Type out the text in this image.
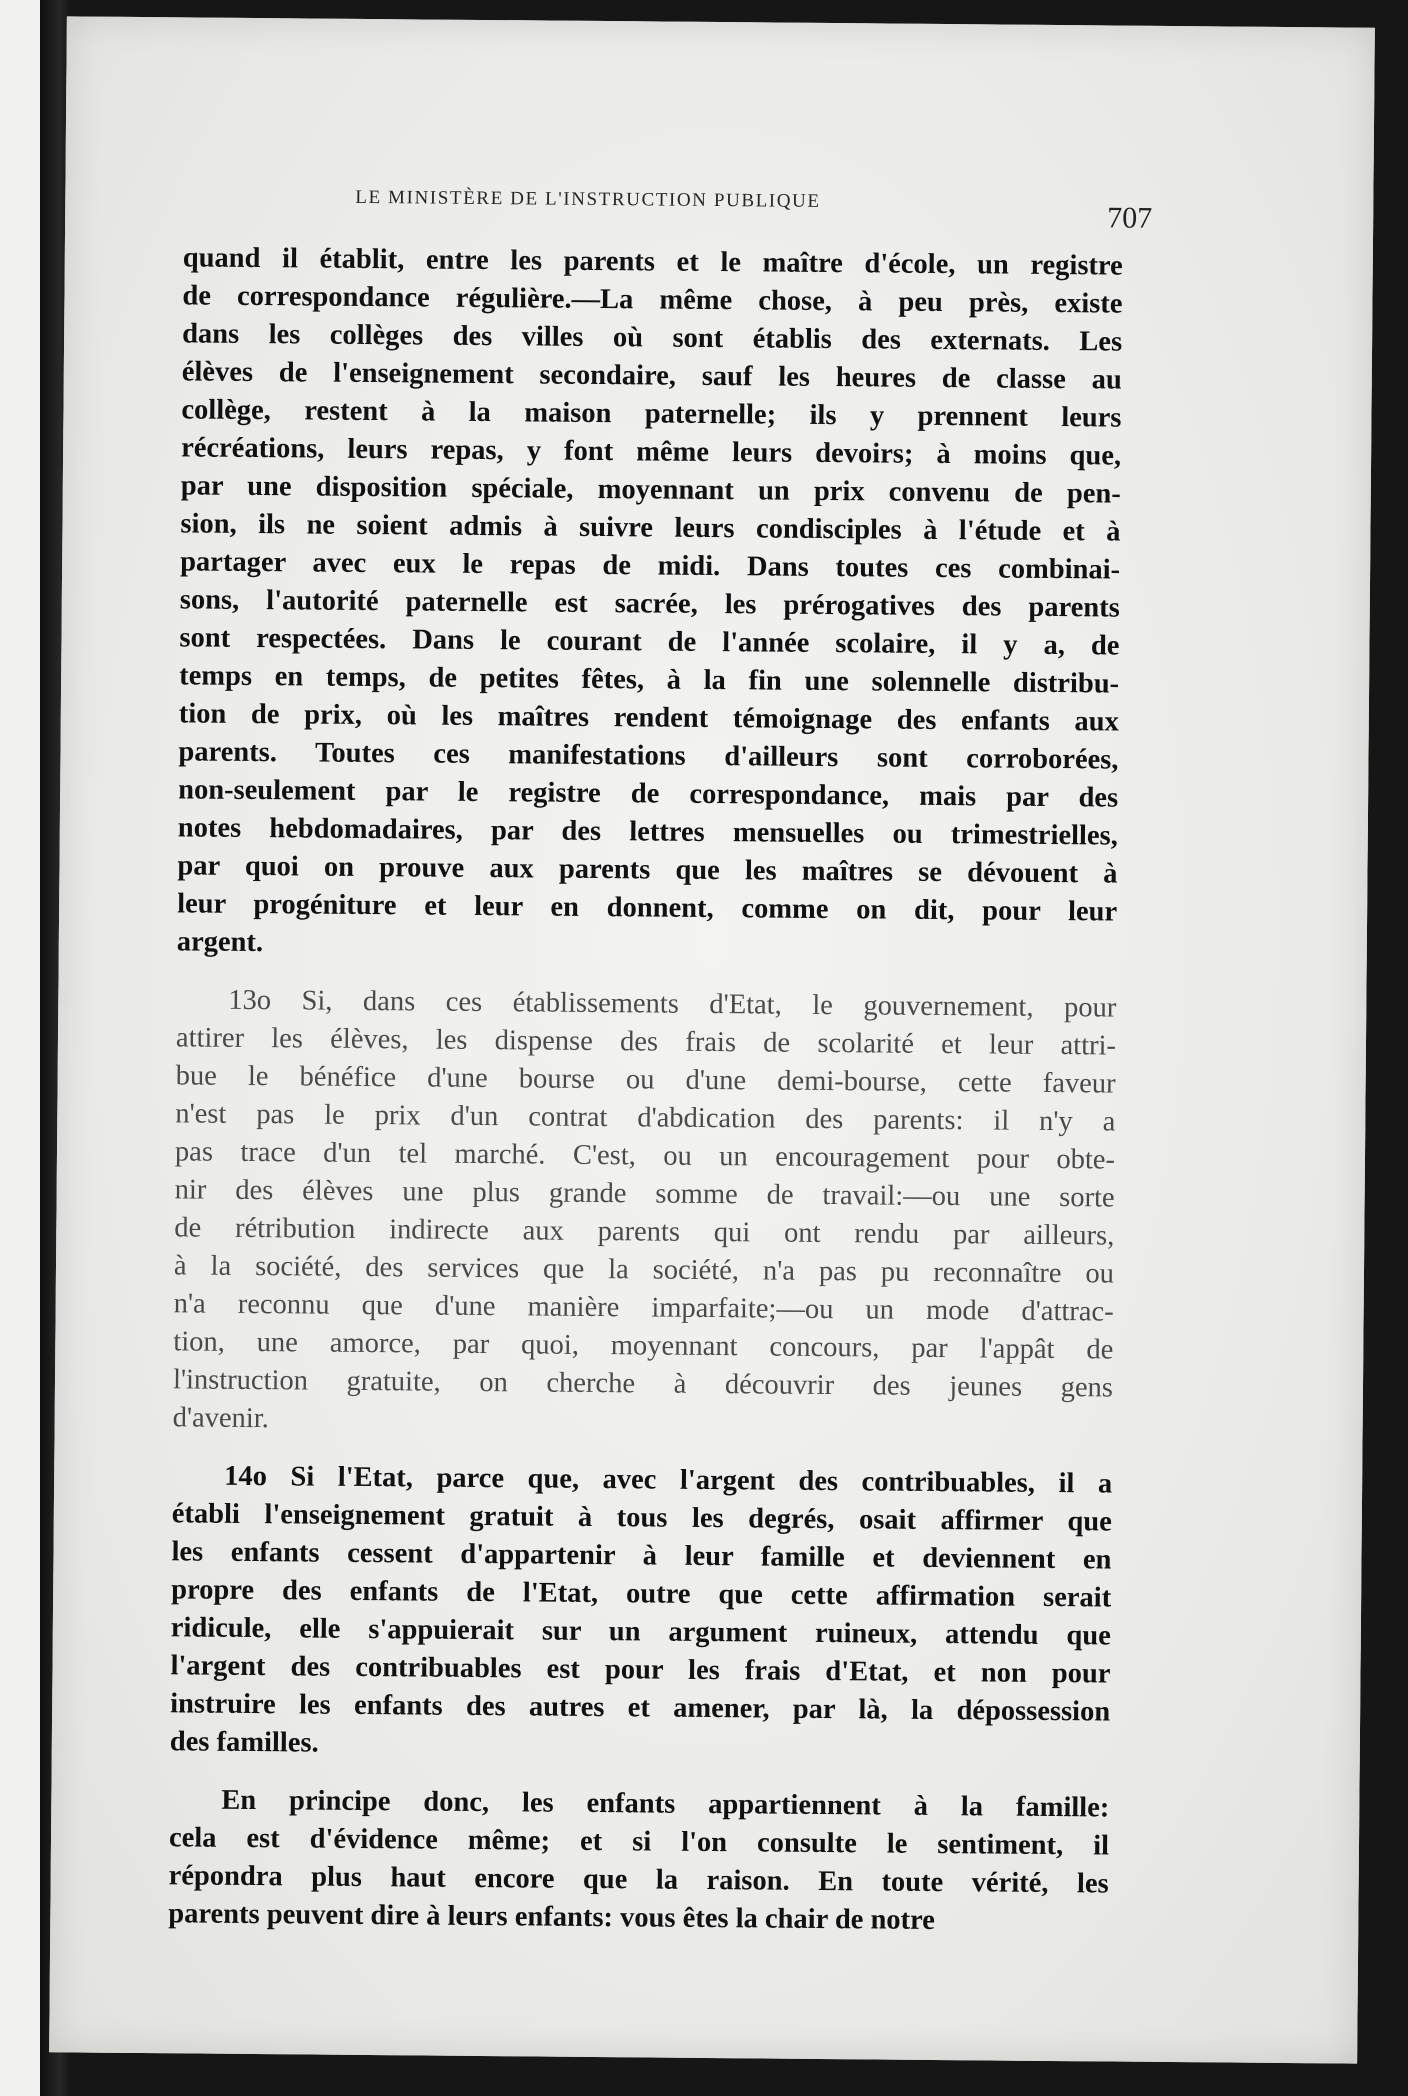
LE MINISTÈRE DE L'INSTRUCTION PUBLIQUE
707
quand il établit, entre les parents et le maître d'école, un registre
de correspondance régulière.—La même chose, à peu près, existe
dans les collèges des villes où sont établis des externats. Les
élèves de l'enseignement secondaire, sauf les heures de classe au
collège, restent à la maison paternelle; ils y prennent leurs
récréations, leurs repas, y font même leurs devoirs; à moins que,
par une disposition spéciale, moyennant un prix convenu de pen-
sion, ils ne soient admis à suivre leurs condisciples à l'étude et à
partager avec eux le repas de midi. Dans toutes ces combinai-
sons, l'autorité paternelle est sacrée, les prérogatives des parents
sont respectées. Dans le courant de l'année scolaire, il y a, de
temps en temps, de petites fêtes, à la fin une solennelle distribu-
tion de prix, où les maîtres rendent témoignage des enfants aux
parents. Toutes ces manifestations d'ailleurs sont corroborées,
non-seulement par le registre de correspondance, mais par des
notes hebdomadaires, par des lettres mensuelles ou trimestrielles,
par quoi on prouve aux parents que les maîtres se dévouent à
leur progéniture et leur en donnent, comme on dit, pour leur
argent.
13o Si, dans ces établissements d'Etat, le gouvernement, pour
attirer les élèves, les dispense des frais de scolarité et leur attri-
bue le bénéfice d'une bourse ou d'une demi-bourse, cette faveur
n'est pas le prix d'un contrat d'abdication des parents: il n'y a
pas trace d'un tel marché. C'est, ou un encouragement pour obte-
nir des élèves une plus grande somme de travail:—ou une sorte
de rétribution indirecte aux parents qui ont rendu par ailleurs,
à la société, des services que la société, n'a pas pu reconnaître ou
n'a reconnu que d'une manière imparfaite;—ou un mode d'attrac-
tion, une amorce, par quoi, moyennant concours, par l'appât de
l'instruction gratuite, on cherche à découvrir des jeunes gens
d'avenir.
14o Si l'Etat, parce que, avec l'argent des contribuables, il a
établi l'enseignement gratuit à tous les degrés, osait affirmer que
les enfants cessent d'appartenir à leur famille et deviennent en
propre des enfants de l'Etat, outre que cette affirmation serait
ridicule, elle s'appuierait sur un argument ruineux, attendu que
l'argent des contribuables est pour les frais d'Etat, et non pour
instruire les enfants des autres et amener, par là, la dépossession
des familles.
En principe donc, les enfants appartiennent à la famille:
cela est d'évidence même; et si l'on consulte le sentiment, il
répondra plus haut encore que la raison. En toute vérité, les
parents peuvent dire à leurs enfants: vous êtes la chair de notre
